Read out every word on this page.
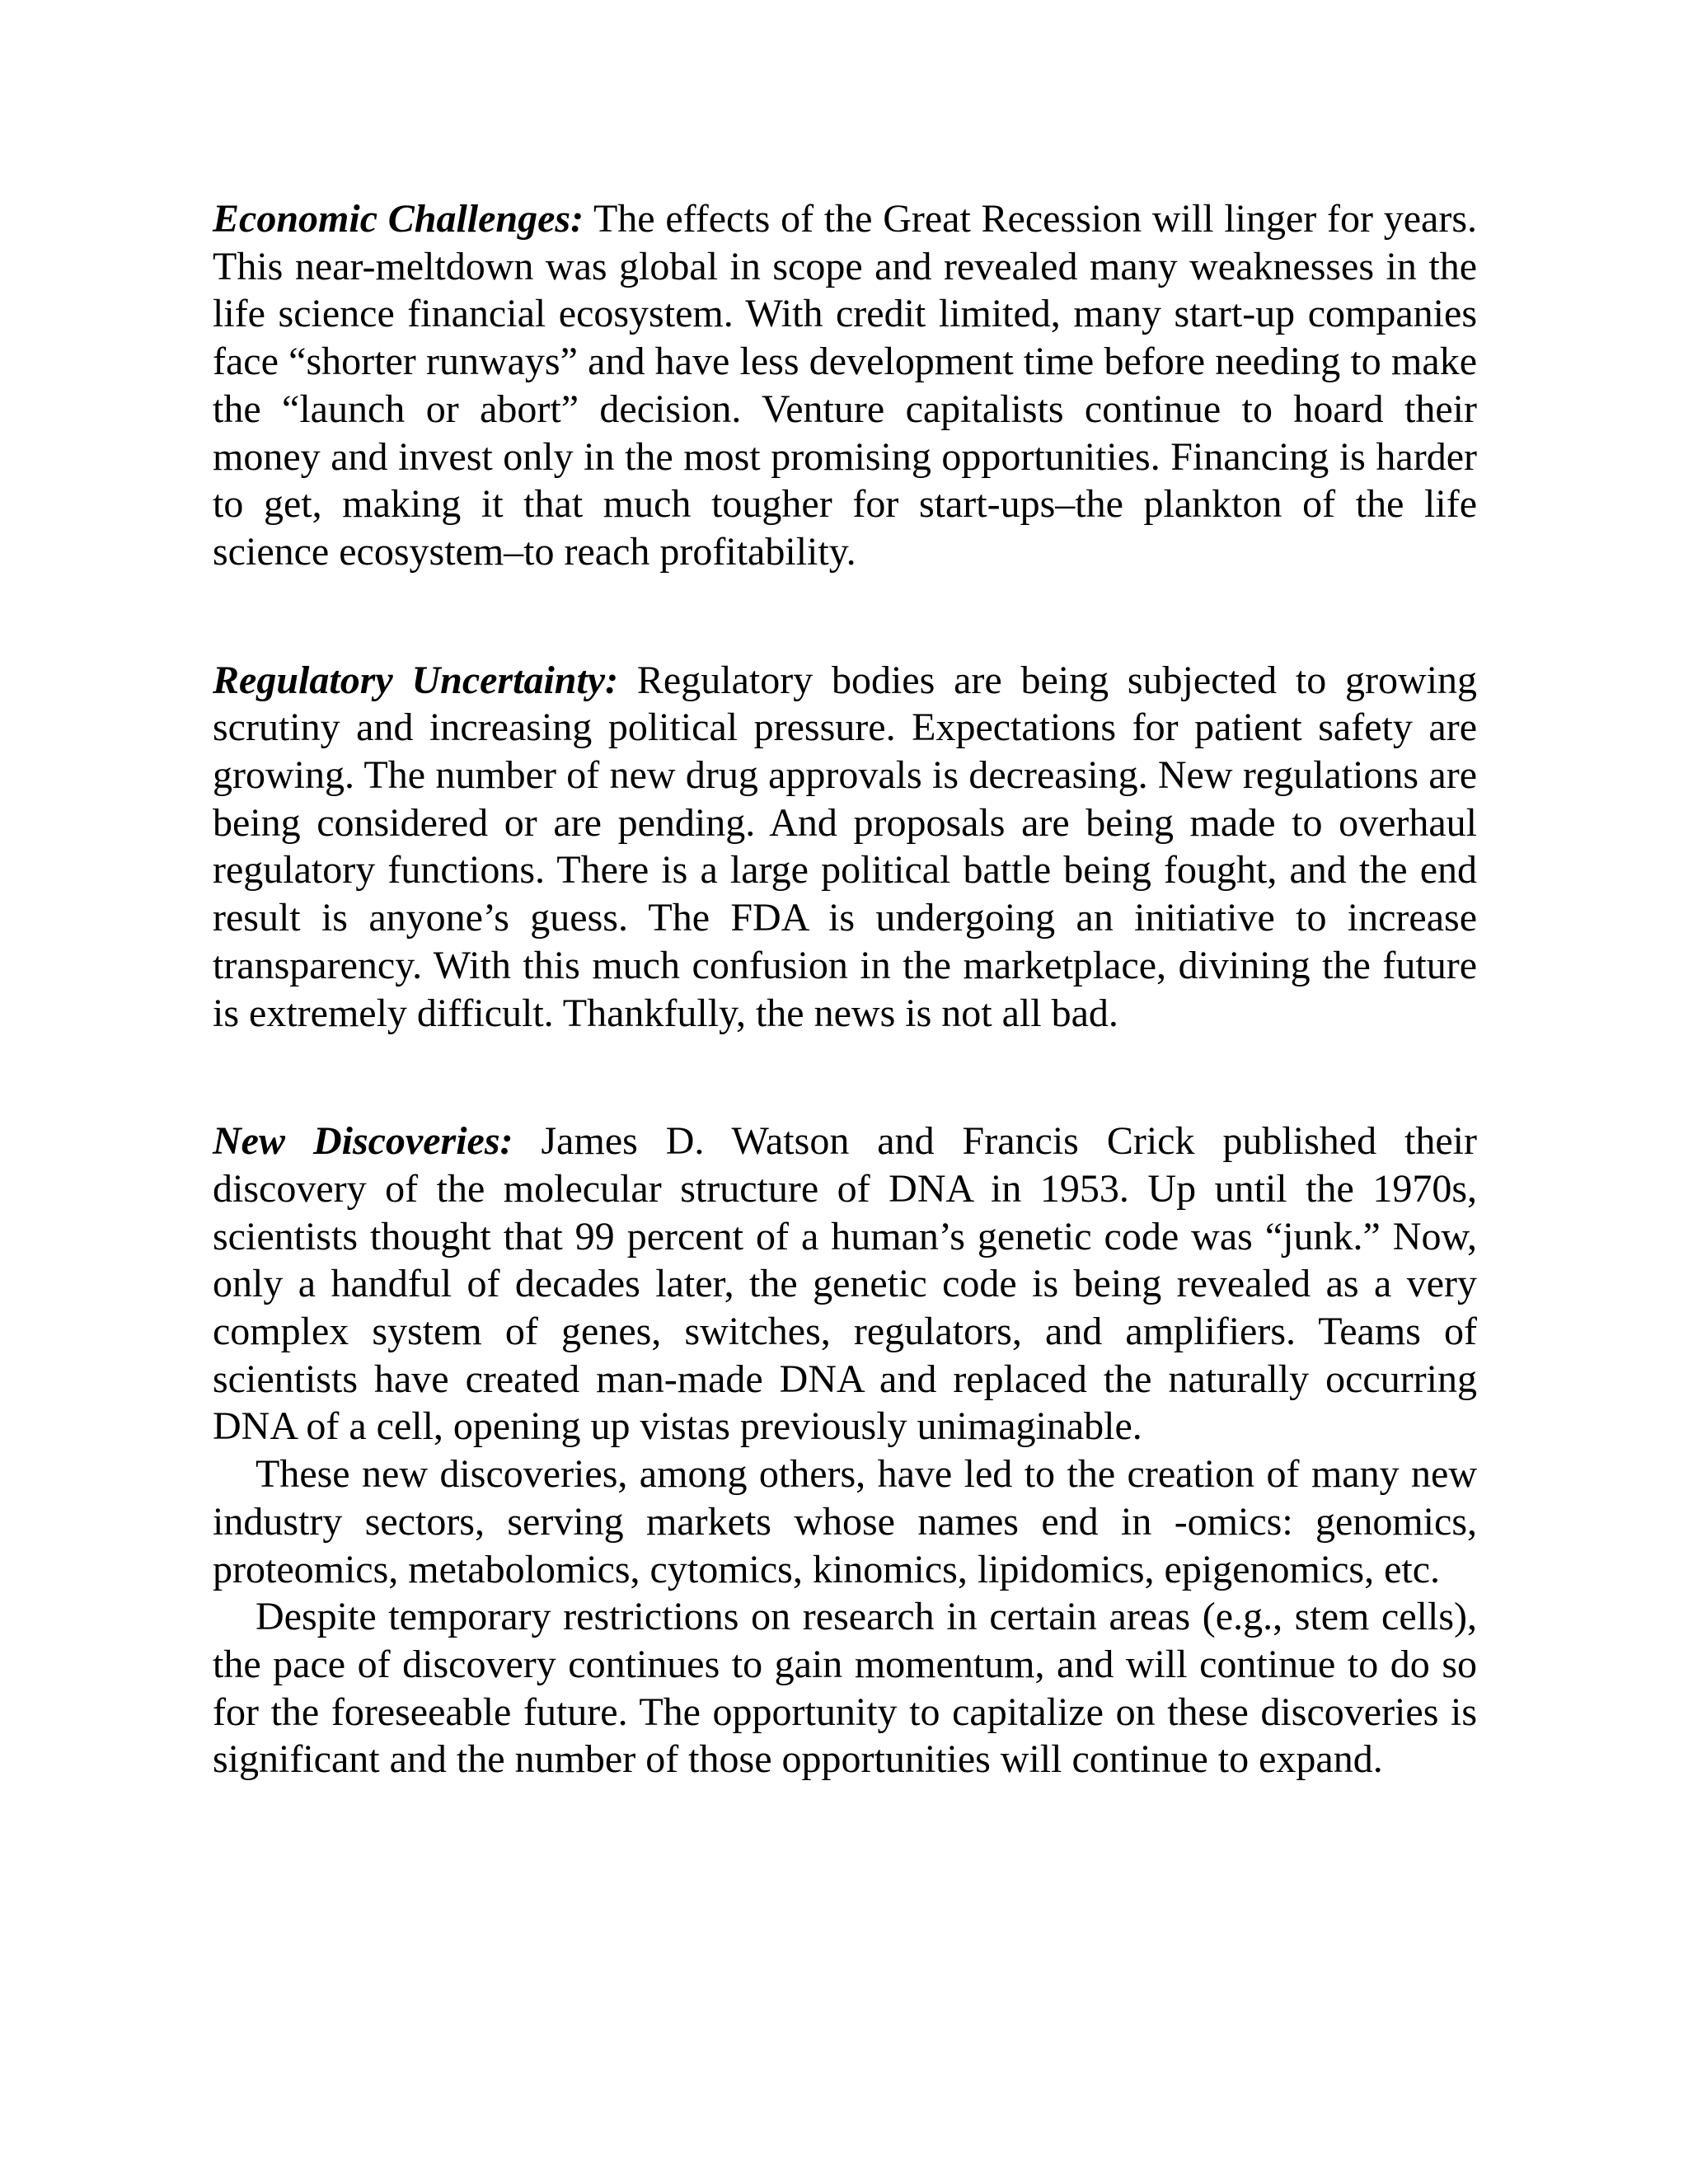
Economic Challenges: The effects of the Great Recession will linger for years. This near-meltdown was global in scope and revealed many weaknesses in the life science financial ecosystem. With credit limited, many start-up companies face “shorter runways” and have less development time before needing to make the “launch or abort” decision. Venture capitalists continue to hoard their money and invest only in the most promising opportunities. Financing is harder to get, making it that much tougher for start-ups–the plankton of the life science ecosystem–to reach profitability.

Regulatory Uncertainty: Regulatory bodies are being subjected to growing scrutiny and increasing political pressure. Expectations for patient safety are growing. The number of new drug approvals is decreasing. New regulations are being considered or are pending. And proposals are being made to overhaul regulatory functions. There is a large political battle being fought, and the end result is anyone’s guess. The FDA is undergoing an initiative to increase transparency. With this much confusion in the marketplace, divining the future is extremely difficult. Thankfully, the news is not all bad.

New Discoveries: James D. Watson and Francis Crick published their discovery of the molecular structure of DNA in 1953. Up until the 1970s, scientists thought that 99 percent of a human’s genetic code was “junk.” Now, only a handful of decades later, the genetic code is being revealed as a very complex system of genes, switches, regulators, and amplifiers. Teams of scientists have created man-made DNA and replaced the naturally occurring DNA of a cell, opening up vistas previously unimaginable.

These new discoveries, among others, have led to the creation of many new industry sectors, serving markets whose names end in -omics: genomics, proteomics, metabolomics, cytomics, kinomics, lipidomics, epigenomics, etc.

Despite temporary restrictions on research in certain areas (e.g., stem cells), the pace of discovery continues to gain momentum, and will continue to do so for the foreseeable future. The opportunity to capitalize on these discoveries is significant and the number of those opportunities will continue to expand.
